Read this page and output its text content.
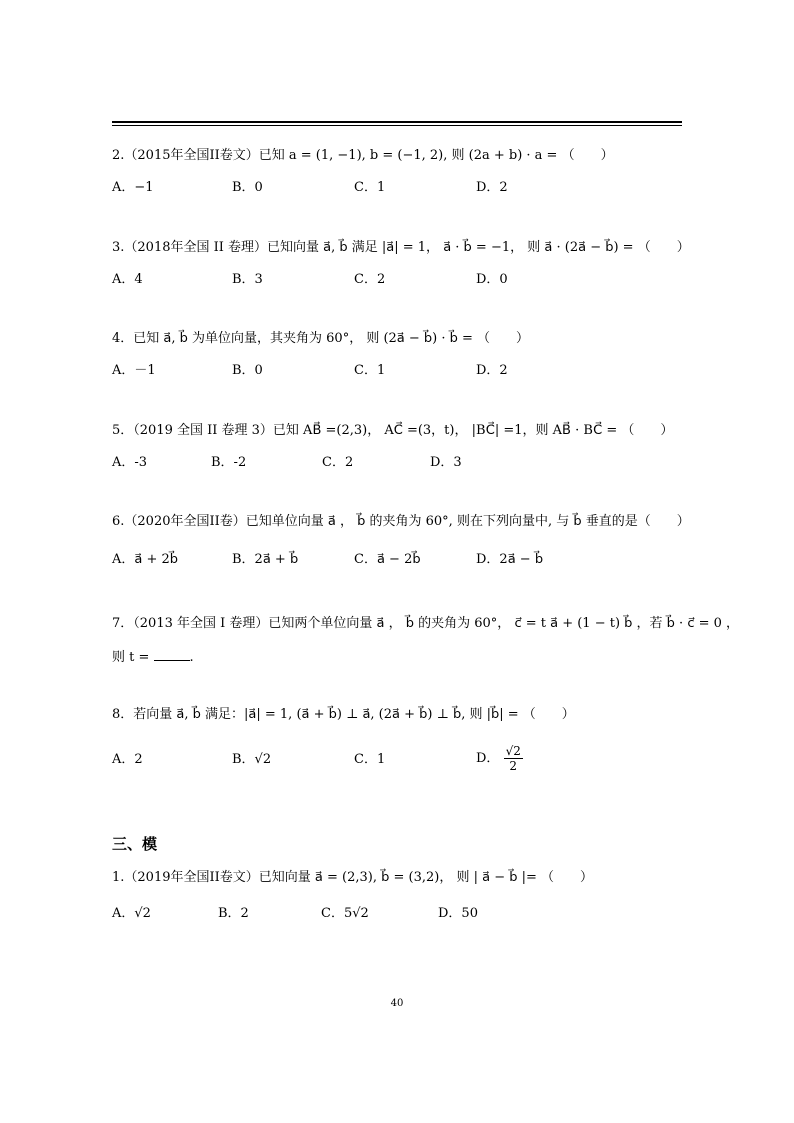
2.（2015年全国II卷文）已知 a = (1, −1), b = (−1, 2), 则 (2a + b) · a = （　　）
A．−1	B．0	C．1	D．2
3.（2018年全国 II 卷理）已知向量 a⃗, b⃗ 满足 |a⃗| = 1， a⃗ · b⃗ = −1， 则 a⃗ · (2a⃗ − b⃗) = （　　）
A．4	B．3	C．2	D．0
4．已知 a⃗, b⃗ 为单位向量，其夹角为 60°， 则 (2a⃗ − b⃗) · b⃗ = （　　）
A．－1	B．0	C．1	D．2
5．（2019 全国 II 卷理 3）已知 AB⃗ =(2,3)， AC⃗ =(3，t)， |BC⃗| =1，则 AB⃗ · BC⃗ = （　　）
A．-3	B．-2	C．2	D．3
6.（2020年全国II卷）已知单位向量 a⃗ ， b⃗ 的夹角为 60°, 则在下列向量中, 与 b⃗ 垂直的是（　　）
A．a⃗ + 2b⃗	B．2a⃗ + b⃗	C．a⃗ − 2b⃗	D．2a⃗ − b⃗
7．（2013 年全国 I 卷理）已知两个单位向量 a⃗ ， b⃗ 的夹角为 60°， c⃗ = t a⃗ + (1 − t) b⃗ ，若 b⃗ · c⃗ = 0 ，
则 t =	.
8．若向量 a⃗, b⃗ 满足：|a⃗| = 1, (a⃗ + b⃗) ⊥ a⃗, (2a⃗ + b⃗) ⊥ b⃗, 则 |b⃗| = （　　）
A．2	B．√2	C．1	D． $\frac{√2}{2}$
三、模
1.（2019年全国II卷文）已知向量 a⃗ = (2,3), b⃗ = (3,2)， 则 | a⃗ − b⃗ |= （　　）
A．√2	B．2	C．5√2	D．50
40
